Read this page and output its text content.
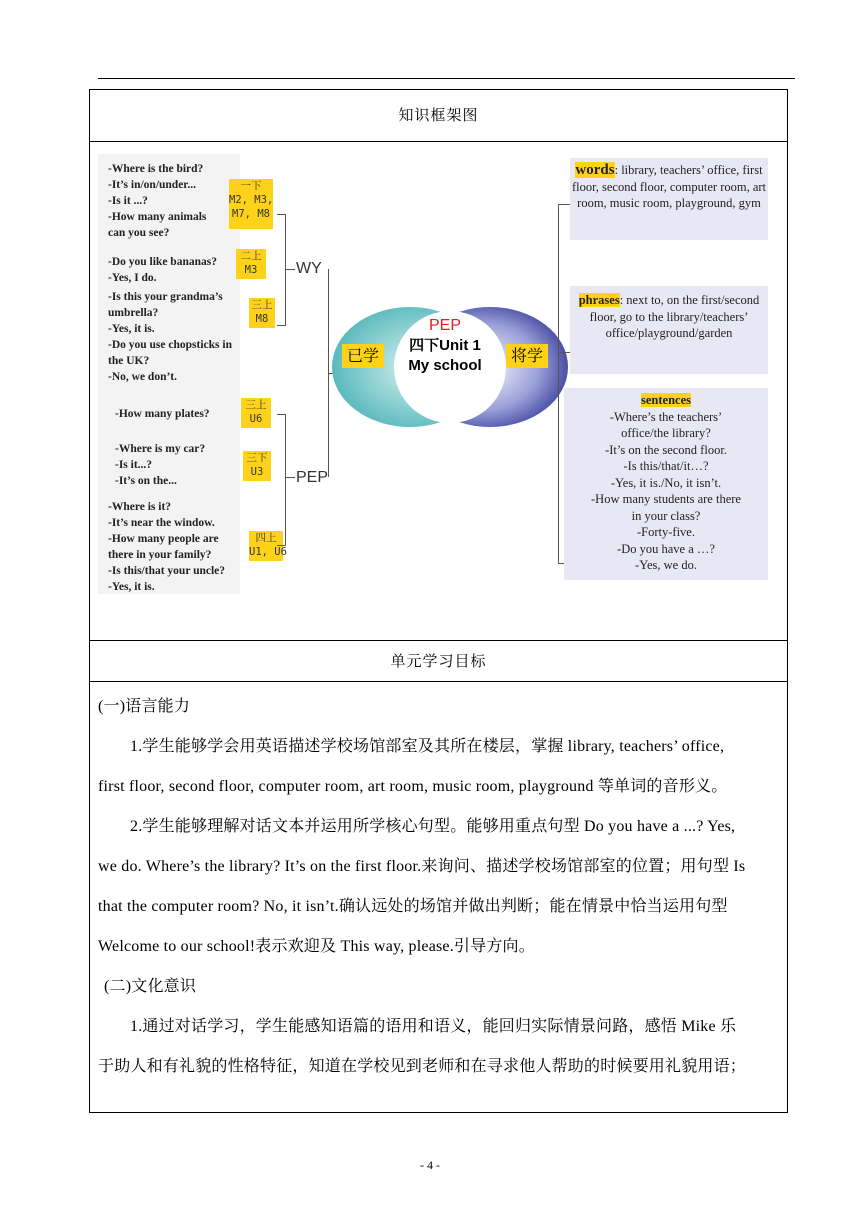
知识框架图
-Where is the bird?
-It’s in/on/under...
-Is it ...?
-How many animals
can you see?
一下
M2, M3,
M7, M8
-Do you like bananas?
-Yes, I do.
二上
M3
-Is this your grandma’s
umbrella?
-Yes, it is.
-Do you use chopsticks in
the UK?
-No, we don’t.
三上
M8
-How many plates?
三上
U6
-Where is my car?
-Is it...?
-It’s on the...
三下
U3
-Where is it?
-It’s near the window.
-How many people are
there in your family?
-Is this/that your uncle?
-Yes, it is.
四上
U1, U6
WY
PEP
已学	将学
PEP
四下Unit 1
My school
words: library, teachers’ office, first floor, second floor, computer room, art room, music room, playground, gym
phrases: next to, on the first/second floor, go to the library/teachers’ office/playground/garden
sentences
-Where’s the teachers’
office/the library?
-It’s on the second floor.
-Is this/that/it…?
-Yes, it is./No, it isn’t.
-How many students are there
in your class?
-Forty-five.
-Do you have a …?
-Yes, we do.
单元学习目标
(一)语言能力
1.学生能够学会用英语描述学校场馆部室及其所在楼层，掌握 library, teachers’ office,
first floor, second floor, computer room, art room, music room, playground 等单词的音形义。
2.学生能够理解对话文本并运用所学核心句型。能够用重点句型 Do you have a ...? Yes,
we do. Where’s the library? It’s on the first floor.来询问、描述学校场馆部室的位置；用句型 Is
that the computer room? No, it isn’t.确认远处的场馆并做出判断；能在情景中恰当运用句型
Welcome to our school!表示欢迎及 This way, please.引导方向。
(二)文化意识
1.通过对话学习，学生能感知语篇的语用和语义，能回归实际情景问路，感悟 Mike 乐
于助人和有礼貌的性格特征，知道在学校见到老师和在寻求他人帮助的时候要用礼貌用语；
- 4 -
